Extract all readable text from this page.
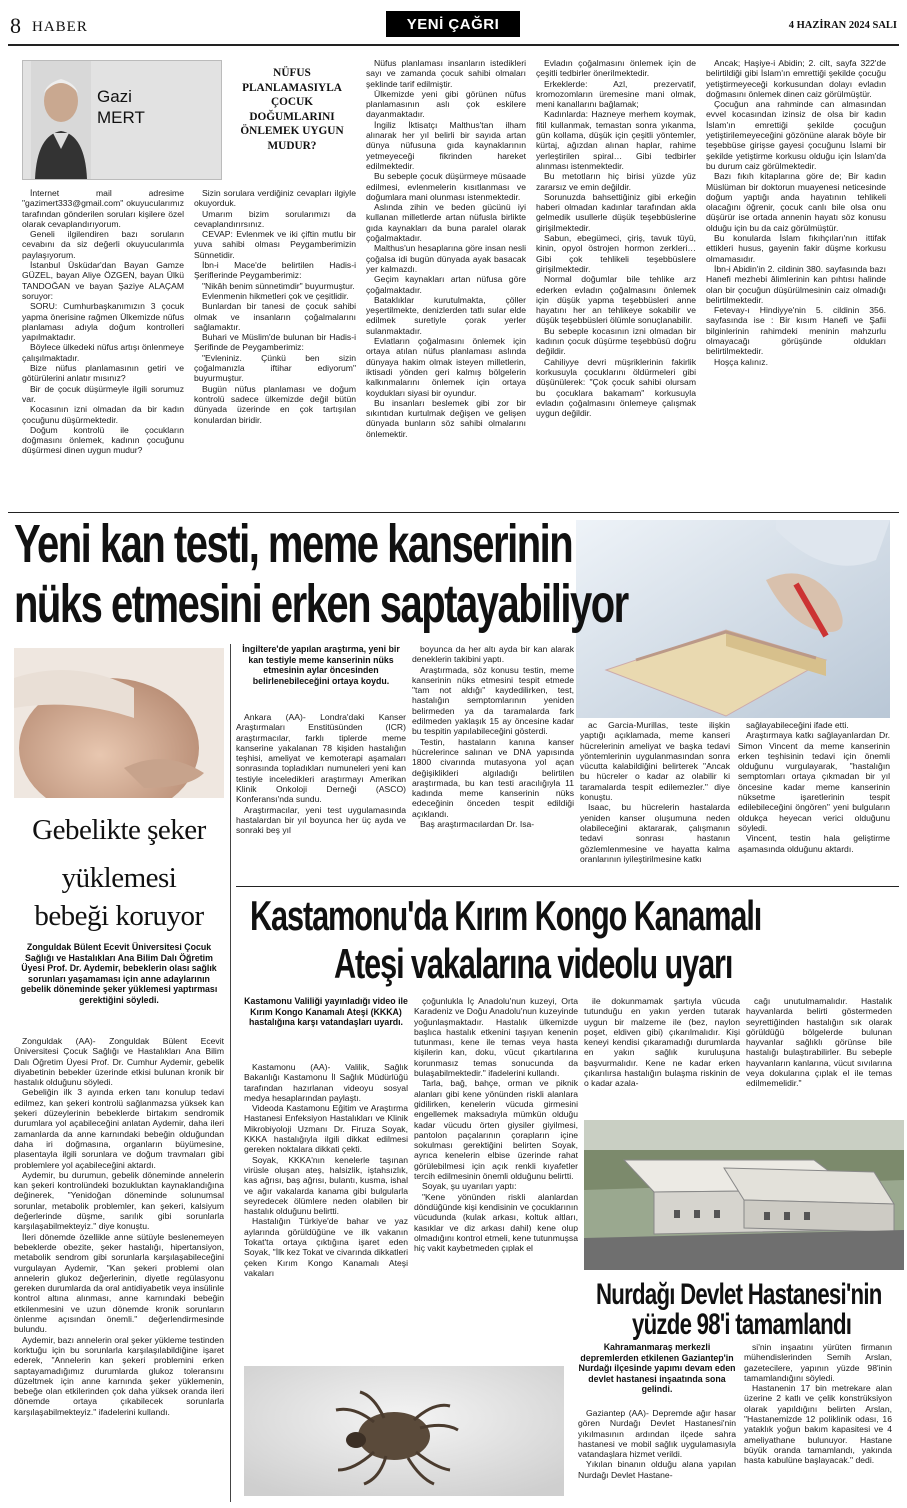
8 HABER	YENİ ÇAĞRI	4 HAZİRAN 2024 SALI
Gazi
MERT
NÜFUS PLANLAMASIYLA ÇOCUK DOĞUMLARINI ÖNLEMEK UYGUN MUDUR?

İnternet mail adresime "gazimert333@gmail.com" okuyucularımız tarafından gönderilen soruları kişilere özel olarak cevaplandırıyorum.

Geneli ilgilendiren bazı soruların cevabını da siz değerli okuyucularımla paylaşıyorum.

İstanbul Üsküdar'dan Bayan Gamze GÜZEL, bayan Aliye ÖZGEN, bayan Ülkü TANDOĞAN ve bayan Şaziye ALAÇAM soruyor:

SORU: Cumhurbaşkanımızın 3 çocuk yapma önerisine rağmen Ülkemizde nüfus planlaması adıyla doğum kontrolleri yapılmaktadır.

Böylece ülkedeki nüfus artışı önlenmeye çalışılmaktadır.

Bize nüfus planlamasının getiri ve götürülerini anlatır mısınız?

Bir de çocuk düşürmeyle ilgili sorumuz var.

Kocasının izni olmadan da bir kadın çocuğunu düşürmektedir.

Doğum kontrolü ile çocukların doğmasını önlemek, kadının çocuğunu düşürmesi dinen uygun mudur?

Sizin sorulara verdiğiniz cevapları ilgiyle okuyorduk.

Umarım bizim sorularımızı da cevaplandırırsınız.

CEVAP: Evlenmek ve iki çiftin mutlu bir yuva sahibi olması Peygamberimizin Sünnetidir.

İbn-i Mace'de belirtilen Hadis-i Şeriflerinde Peygamberimiz:

"Nikâh benim sünnetimdir" buyurmuştur.

Evlenmenin hikmetleri çok ve çeşitlidir.

Bunlardan bir tanesi de çocuk sahibi olmak ve insanların çoğalmalarını sağlamaktır.

Buhari ve Müslim'de bulunan bir Hadis-i Şerifinde de Peygamberimiz:

"Evleniniz. Çünkü ben sizin çoğalmanızla iftihar ediyorum" buyurmuştur.

Bugün nüfus planlaması ve doğum kontrolü sadece ülkemizde değil bütün dünyada üzerinde en çok tartışılan konulardan biridir.

Nüfus planlaması insanların istedikleri sayı ve zamanda çocuk sahibi olmaları şeklinde tarif edilmiştir.

Ülkemizde yeni gibi görünen nüfus planlamasının aslı çok eskilere dayanmaktadır.

İngiliz İktisatçı Malthus'tan ilham alınarak her yıl belirli bir sayıda artan dünya nüfusuna gıda kaynaklarının yetmeyeceği fikrinden hareket edilmektedir.

Bu sebeple çocuk düşürmeye müsaade edilmesi, evlenmelerin kısıtlanması ve doğumlara mani olunması istenmektedir.

Aslında zihin ve beden gücünü iyi kullanan milletlerde artan nüfusla birlikte gıda kaynakları da buna paralel olarak çoğalmaktadır.

Malthus'un hesaplarına göre insan nesli çoğalsa idi bugün dünyada ayak basacak yer kalmazdı.

Geçim kaynakları artan nüfusa göre çoğalmaktadır.

Bataklıklar kurutulmakta, çöller yeşertilmekte, denizlerden tatlı sular elde edilmek suretiyle çorak yerler sulanmaktadır.

Evlatların çoğalmasını önlemek için ortaya atılan nüfus planlaması aslında dünyaya hakim olmak isteyen milletlerin, iktisadi yönden geri kalmış bölgelerin kalkınmalarını önlemek için ortaya koydukları siyasi bir oyundur.

Bu insanları beslemek gibi zor bir sıkıntıdan kurtulmak değişen ve gelişen dünyada bunların söz sahibi olmalarını önlemektir.

Evladın çoğalmasını önlemek için de çeşitli tedbirler önerilmektedir.

Erkeklerde: Azl, prezervatif, kromozomların üremesine mani olmak, meni kanallarını bağlamak;

Kadınlarda: Hazneye merhem koymak, fitil kullanmak, temastan sonra yıkanma, gün kollama, düşük için çeşitli yöntemler, kürtaj, ağızdan alınan haplar, rahime yerleştirilen spiral… Gibi tedbirler alınması istenmektedir.

Bu metotların hiç birisi yüzde yüz zararsız ve emin değildir.

Sorunuzda bahsettiğiniz gibi erkeğin haberi olmadan kadınlar tarafından akla gelmedik usullerle düşük teşebbüslerine girişilmektedir.

Sabun, ebegümeci, çiriş, tavuk tüyü, kinin, opyol östrojen hormon zerkleri… Gibi çok tehlikeli teşebbüslere girişilmektedir.

Normal doğumlar bile tehlike arz ederken evladın çoğalmasını önlemek için düşük yapma teşebbüsleri anne hayatını her an tehlikeye sokabilir ve düşük teşebbüsleri ölümle sonuçlanabilir.

Bu sebeple kocasının izni olmadan bir kadının çocuk düşürme teşebbüsü doğru değildir.

Cahiliyye devri müşriklerinin fakirlik korkusuyla çocuklarını öldürmeleri gibi düşünülerek: "Çok çocuk sahibi olursam bu çocuklara bakamam" korkusuyla evladın çoğalmasını önlemeye çalışmak uygun değildir.

Ancak; Haşiye-i Abidin; 2. cilt, sayfa 322'de belirtildiği gibi İslam'ın emrettiği şekilde çocuğu yetiştirmeyeceği korkusundan dolayı evladın doğmasını önlemek dinen caiz görülmüştür.

Çocuğun ana rahminde can almasından evvel kocasından izinsiz de olsa bir kadın İslam'ın emrettiği şekilde çocuğun yetiştirilemeyeceğini gözönüne alarak böyle bir teşebbüse girişse gayesi çocuğunu İslami bir şekilde yetiştirme korkusu olduğu için İslam'da bu durum caiz görülmektedir.

Bazı fıkıh kitaplarına göre de; Bir kadın Müslüman bir doktorun muayenesi neticesinde doğum yaptığı anda hayatının tehlikeli olacağını öğrenir, çocuk canlı bile olsa onu düşürür ise ortada annenin hayatı söz konusu olduğu için bu da caiz görülmüştür.

Bu konularda İslam fıkıhçıları'nın ittifak ettikleri husus, gayenin fakir düşme korkusu olmamasıdır.

İbn-i Abidin'in 2. cildinin 380. sayfasında bazı Hanefi mezhebi âlimlerinin kan pıhtısı halinde olan bir çocuğun düşürülmesinin caiz olmadığı belirtilmektedir.

Fetevay-ı Hindiyye'nin 5. cildinin 356. sayfasında ise : Bir kısım Hanefi ve Şafii bilginlerinin rahimdeki meninin mahzurlu olmayacağı görüşünde oldukları belirtilmektedir.

Hoşça kalınız.

Yeni kan testi, meme kanserinin
nüks etmesini erken saptayabiliyor
İngiltere'de yapılan araştırma, yeni bir kan testiyle meme kanserinin nüks etmesinin aylar öncesinden belirlenebileceğini ortaya koydu.

Ankara (AA)- Londra'daki Kanser Araştırmaları Enstitüsünden (ICR) araştırmacılar, farklı tiplerde meme kanserine yakalanan 78 kişiden hastalığın teşhisi, ameliyat ve kemoterapi aşamaları sonrasında topladıkları numuneleri yeni kan testiyle inceledikleri araştırmayı Amerikan Klinik Onkoloji Derneği (ASCO) Konferansı'nda sundu.

Araştırmacılar, yeni test uygulamasında hastalardan bir yıl boyunca her üç ayda ve sonraki beş yıl

boyunca da her altı ayda bir kan alarak deneklerin takibini yaptı.

Araştırmada, söz konusu testin, meme kanserinin nüks etmesini tespit etmede "tam not aldığı" kaydedilirken, test, hastalığın semptomlarının yeniden belirmeden ya da taramalarda fark edilmeden yaklaşık 15 ay öncesine kadar bu tespitin yapılabileceğini gösterdi.

Testin, hastaların kanına kanser hücrelerince salınan ve DNA yapısında 1800 civarında mutasyona yol açan değişiklikleri algıladığı belirtilen araştırmada, bu kan testi aracılığıyla 11 kadında meme kanserinin nüks edeceğinin önceden tespit edildiği açıklandı.

Baş araştırmacılardan Dr. Isa-

ac Garcia-Murillas, teste ilişkin yaptığı açıklamada, meme kanseri hücrelerinin ameliyat ve başka tedavi yöntemlerinin uygulanmasından sonra vücutta kalabildiğini belirterek "Ancak bu hücreler o kadar az olabilir ki taramalarda tespit edilemezler." diye konuştu.

Isaac, bu hücrelerin hastalarda yeniden kanser oluşumuna neden olabileceğini aktararak, çalışmanın tedavi sonrası hastanın gözlemlenmesine ve hayatta kalma oranlarının iyileştirilmesine katkı

sağlayabileceğini ifade etti.

Araştırmaya katkı sağlayanlardan Dr. Simon Vincent da meme kanserinin erken teşhisinin tedavi için önemli olduğunu vurgulayarak, "hastalığın semptomları ortaya çıkmadan bir yıl öncesine kadar meme kanserinin nüksetme işaretlerinin tespit edilebileceğini öngören" yeni bulguların oldukça heyecan verici olduğunu söyledi.

Vincent, testin hala geliştirme aşamasında olduğunu aktardı.

Gebelikte şeker
yüklemesi
bebeği koruyor
Zonguldak Bülent Ecevit Üniversitesi Çocuk Sağlığı ve Hastalıkları Ana Bilim Dalı Öğretim Üyesi Prof. Dr. Aydemir, bebeklerin olası sağlık sorunları yaşamaması için anne adaylarının gebelik döneminde şeker yüklemesi yaptırması gerektiğini söyledi.

Zonguldak (AA)- Zonguldak Bülent Ecevit Üniversitesi Çocuk Sağlığı ve Hastalıkları Ana Bilim Dalı Öğretim Üyesi Prof. Dr. Cumhur Aydemir, gebelik diyabetinin bebekler üzerinde etkisi bulunan kronik bir hastalık olduğunu söyledi.

Gebeliğin ilk 3 ayında erken tanı konulup tedavi edilmez, kan şekeri kontrolü sağlanmazsa yüksek kan şekeri düzeylerinin bebeklerde birtakım sendromik durumlara yol açabileceğini anlatan Aydemir, daha ileri zamanlarda da anne karnındaki bebeğin olduğundan daha iri doğmasına, organların büyümesine, plasentayla ilgili sorunlara ve doğum travmaları gibi problemlere yol açabileceğini aktardı.

Aydemir, bu durumun, gebelik döneminde annelerin kan şekeri kontrolündeki bozukluktan kaynaklandığına değinerek, "Yenidoğan döneminde solunumsal sorunlar, metabolik problemler, kan şekeri, kalsiyum değerlerinde düşme, sarılık gibi sorunlarla karşılaşabilmekteyiz." diye konuştu.

İleri dönemde özellikle anne sütüyle beslenemeyen bebeklerde obezite, şeker hastalığı, hipertansiyon, metabolik sendrom gibi sorunlarla karşılaşabileceğini vurgulayan Aydemir, "Kan şekeri problemi olan annelerin glukoz değerlerinin, diyetle regülasyonu gereken durumlarda da oral antidiyabetik veya insülinle kontrol altına alınması, anne karnındaki bebeğin etkilenmesini ve uzun dönemde kronik sorunların önlenme açısından önemli." değerlendirmesinde bulundu.

Aydemir, bazı annelerin oral şeker yükleme testinden korktuğu için bu sorunlarla karşılaşılabildiğine işaret ederek, "Annelerin kan şekeri problemini erken saptayamadığımız durumlarda glukoz toleransını düzeltmek için anne karnında şeker yüklemenin, bebeğe olan etkilerinden çok daha yüksek oranda ileri dönemde ortaya çıkabilecek sorunlarla karşılaşabilmekteyiz." ifadelerini kullandı.

Kastamonu'da Kırım Kongo Kanamalı
Ateşi vakalarına videolu uyarı
Kastamonu Valiliği yayınladığı video ile Kırım Kongo Kanamalı Ateşi (KKKA) hastalığına karşı vatandaşları uyardı.

Kastamonu (AA)- Valilik, Sağlık Bakanlığı Kastamonu İl Sağlık Müdürlüğü tarafından hazırlanan videoyu sosyal medya hesaplarından paylaştı.

Videoda Kastamonu Eğitim ve Araştırma Hastanesi Enfeksiyon Hastalıkları ve Klinik Mikrobiyoloji Uzmanı Dr. Firuza Soyak, KKKA hastalığıyla ilgili dikkat edilmesi gereken noktalara dikkati çekti.

Soyak, KKKA'nın kenelerle taşınan virüsle oluşan ateş, halsizlik, iştahsızlık, kas ağrısı, baş ağrısı, bulantı, kusma, ishal ve ağır vakalarda kanama gibi bulgularla seyredecek ölümlere neden olabilen bir hastalık olduğunu belirtti.

Hastalığın Türkiye'de bahar ve yaz aylarında görüldüğüne ve ilk vakanın Tokat'ta ortaya çıktığına işaret eden Soyak, "İlk kez Tokat ve civarında dikkatleri çeken Kırım Kongo Kanamalı Ateşi vakaları

çoğunlukla İç Anadolu'nun kuzeyi, Orta Karadeniz ve Doğu Anadolu'nun kuzeyinde yoğunlaşmaktadır. Hastalık ülkemizde başlıca hastalık etkenini taşıyan kenenin tutunması, kene ile temas veya hasta kişilerin kan, doku, vücut çıkartılarına korunmasız temas sonucunda da bulaşabilmektedir." ifadelerini kullandı.

Tarla, bağ, bahçe, orman ve piknik alanları gibi kene yönünden riskli alanlara gidilirken, kenelerin vücuda girmesini engellemek maksadıyla mümkün olduğu kadar vücudu örten giysiler giyilmesi, pantolon paçalarının çorapların içine sokulması gerektiğini belirten Soyak, ayrıca kenelerin elbise üzerinde rahat görülebilmesi için açık renkli kıyafetler tercih edilmesinin önemli olduğunu belirtti.

Soyak, şu uyarıları yaptı:

"Kene yönünden riskli alanlardan döndüğünde kişi kendisinin ve çocuklarının vücudunda (kulak arkası, koltuk altları, kasıklar ve diz arkası dahil) kene olup olmadığını kontrol etmeli, kene tutunmuşsa hiç vakit kaybetmeden çıplak el

ile dokunmamak şartıyla vücuda tutunduğu en yakın yerden tutarak uygun bir malzeme ile (bez, naylon poşet, eldiven gibi) çıkarılmalıdır. Kişi keneyi kendisi çıkaramadığı durumlarda en yakın sağlık kuruluşuna başvurmalıdır. Kene ne kadar erken çıkarılırsa hastalığın bulaşma riskinin de o kadar azala-

cağı unutulmamalıdır. Hastalık hayvanlarda belirti göstermeden seyrettiğinden hastalığın sık olarak görüldüğü bölgelerde bulunan hayvanlar sağlıklı görünse bile hastalığı bulaştırabilirler. Bu sebeple hayvanların kanlarına, vücut sıvılarına veya dokularına çıplak el ile temas edilmemelidir."

Nurdağı Devlet Hastanesi'nin
yüzde 98'i tamamlandı
Kahramanmaraş merkezli depremlerden etkilenen Gaziantep'in Nurdağı ilçesinde yapımı devam eden devlet hastanesi inşaatında sona gelindi.

Gaziantep (AA)- Depremde ağır hasar gören Nurdağı Devlet Hastanesi'nin yıkılmasının ardından ilçede sahra hastanesi ve mobil sağlık uygulamasıyla vatandaşlara hizmet verildi.

Yıkılan binanın olduğu alana yapılan Nurdağı Devlet Hastane-

si'nin inşaatını yürüten firmanın mühendislerinden Semih Arslan, gazetecilere, yapının yüzde 98'inin tamamlandığını söyledi.

Hastanenin 17 bin metrekare alan üzerine 2 katlı ve çelik konstrüksiyon olarak yapıldığını belirten Arslan, "Hastanemizde 12 poliklinik odası, 16 yataklık yoğun bakım kapasitesi ve 4 ameliyathane bulunuyor. Hastane büyük oranda tamamlandı, yakında hasta kabulüne başlayacak." dedi.
